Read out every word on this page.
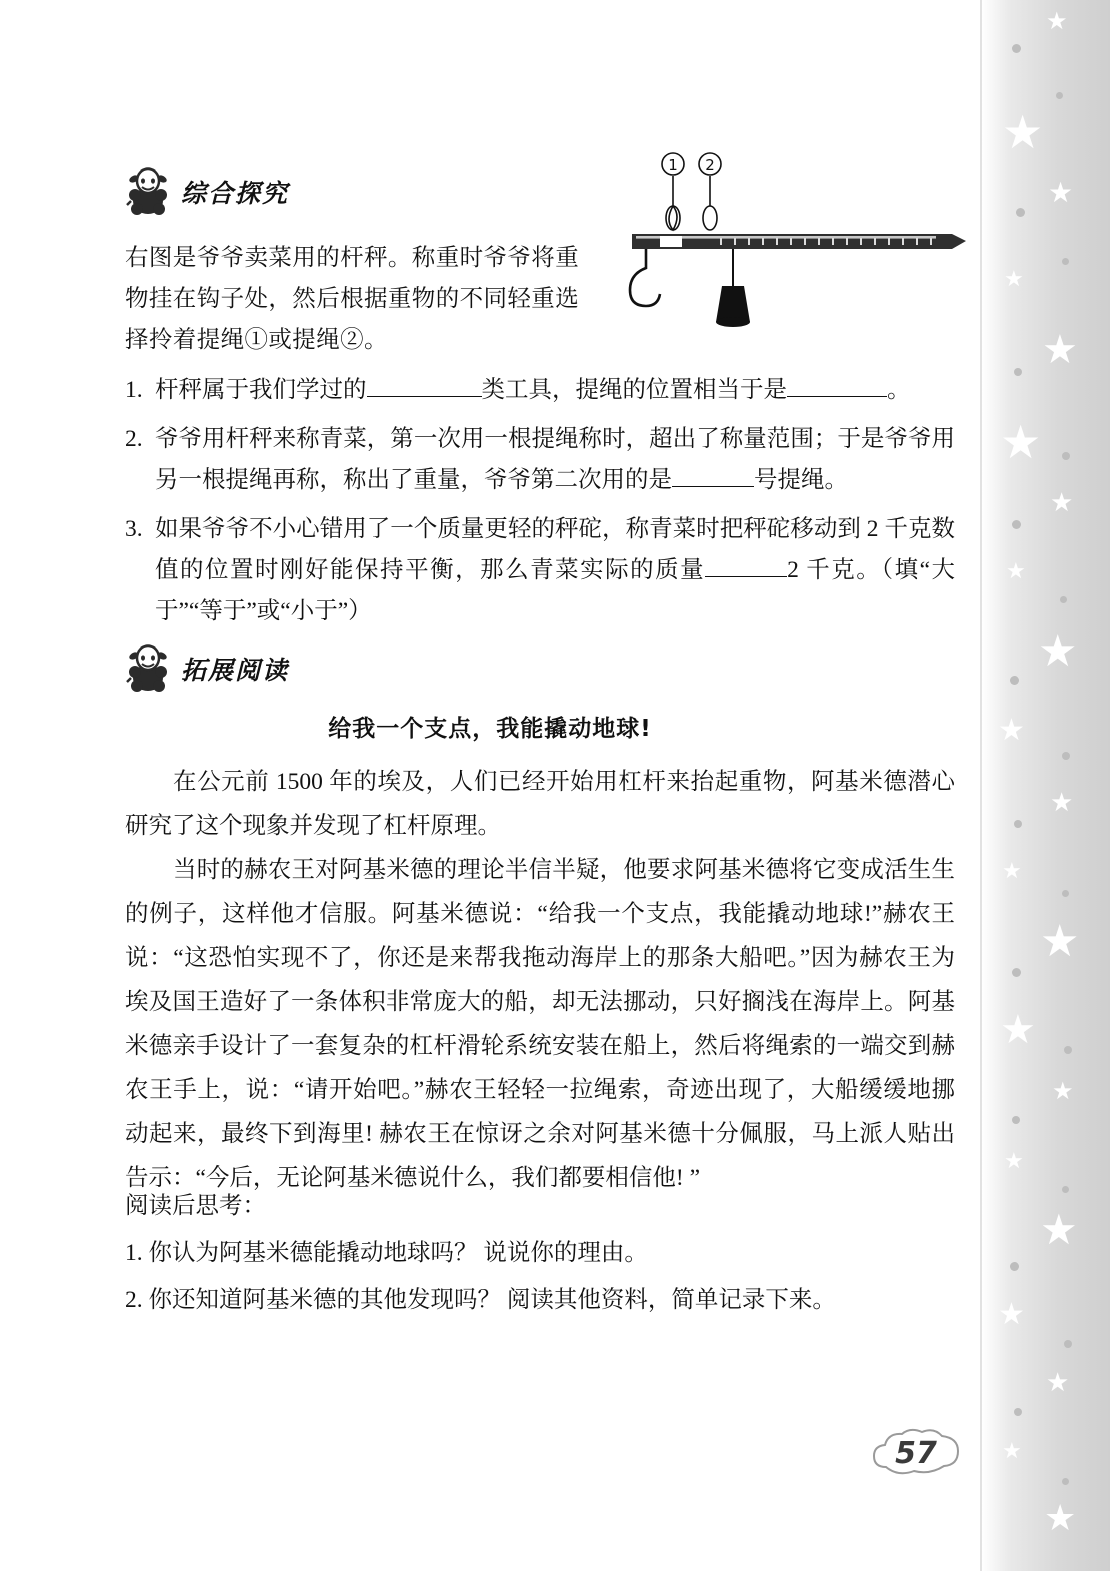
★
★
★
★
★
★
★
★
★
★
★
★
★
★
★
★
★
★
★
★
★
综合探究
1 2
右图是爷爷卖菜用的杆秤。称重时爷爷将重
物挂在钩子处，然后根据重物的不同轻重选
择拎着提绳①或提绳②。
1. 杆秤属于我们学过的	类工具，提绳的位置相当于是	。
2. 爷爷用杆秤来称青菜，第一次用一根提绳称时，超出了称量范围；于是爷爷用另一根提绳再称，称出了重量，爷爷第二次用的是	号提绳。
3. 如果爷爷不小心错用了一个质量更轻的秤砣，称青菜时把秤砣移动到 2 千克数值的位置时刚好能保持平衡，那么青菜实际的质量	2 千克。（填“大于”“等于”或“小于”）
拓展阅读
给我一个支点，我能撬动地球!
在公元前 1500 年的埃及，人们已经开始用杠杆来抬起重物，阿基米德潜心研究了这个现象并发现了杠杆原理。
当时的赫农王对阿基米德的理论半信半疑，他要求阿基米德将它变成活生生的例子，这样他才信服。阿基米德说：“给我一个支点，我能撬动地球!”赫农王说：“这恐怕实现不了，你还是来帮我拖动海岸上的那条大船吧。”因为赫农王为埃及国王造好了一条体积非常庞大的船，却无法挪动，只好搁浅在海岸上。阿基米德亲手设计了一套复杂的杠杆滑轮系统安装在船上，然后将绳索的一端交到赫农王手上，说：“请开始吧。”赫农王轻轻一拉绳索，奇迹出现了，大船缓缓地挪动起来，最终下到海里! 赫农王在惊讶之余对阿基米德十分佩服，马上派人贴出告示：“今后，无论阿基米德说什么，我们都要相信他! ”
阅读后思考：
1. 你认为阿基米德能撬动地球吗？ 说说你的理由。
2. 你还知道阿基米德的其他发现吗？ 阅读其他资料，简单记录下来。
57
